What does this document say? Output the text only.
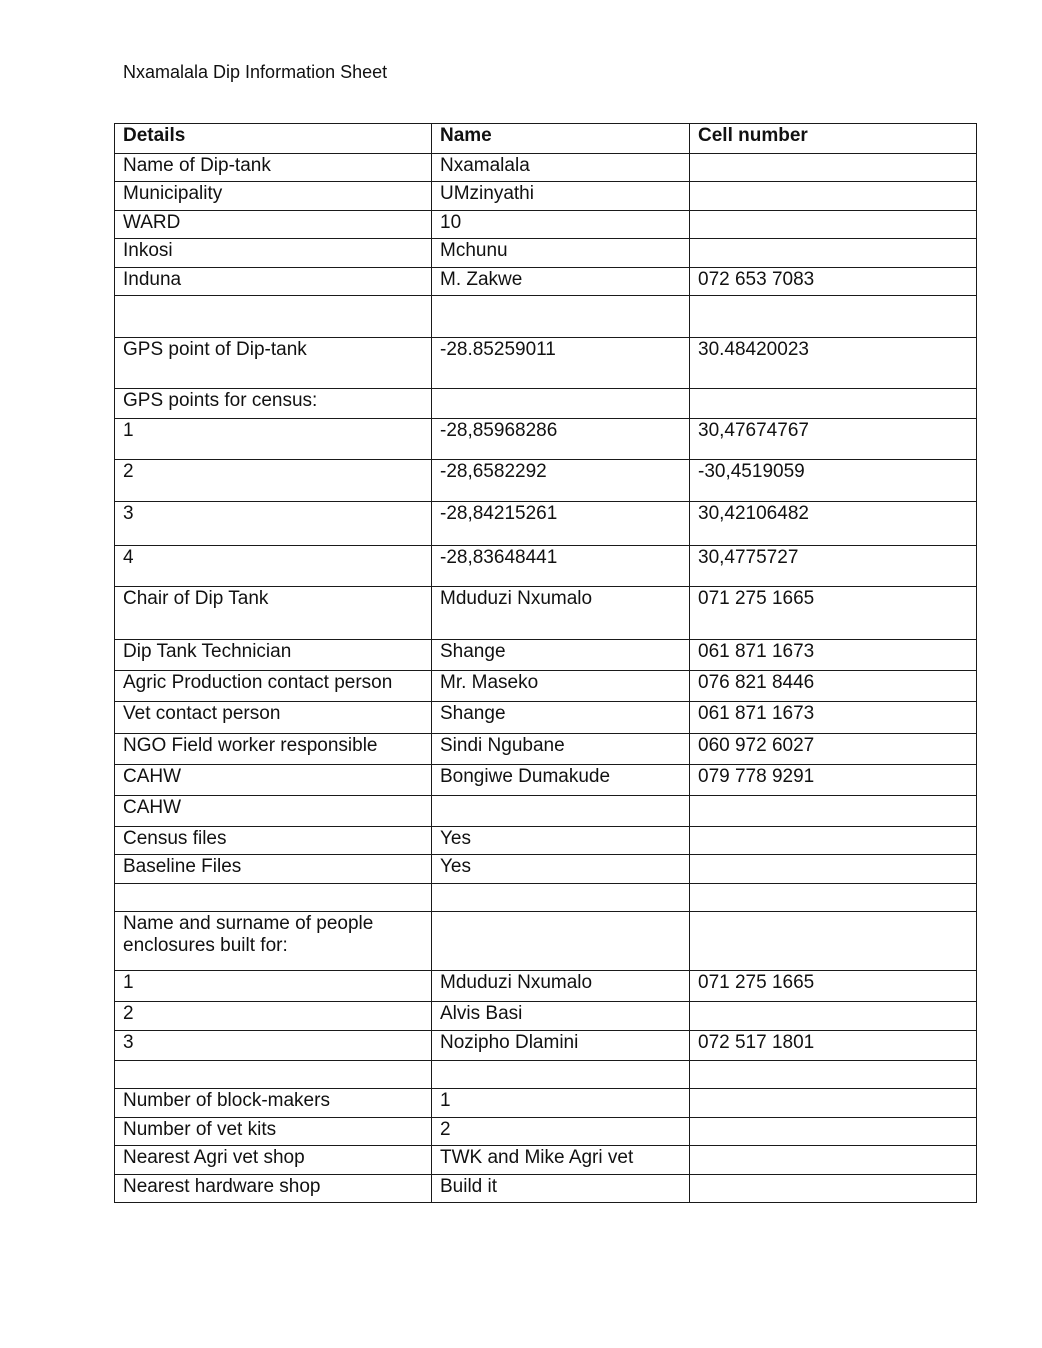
Nxamalala Dip Information Sheet
Details	Name	Cell number
Name of Dip-tank	Nxamalala	
Municipality	UMzinyathi	
WARD	10	
Inkosi	Mchunu	
Induna	M. Zakwe	072 653 7083

GPS point of Dip-tank	-28.85259011	30.48420023
GPS points for census:		
1	-28,85968286	30,47674767
2	-28,6582292	-30,4519059
3	-28,84215261	30,42106482
4	-28,83648441	30,4775727
Chair of Dip Tank	Mduduzi Nxumalo	071 275 1665
Dip Tank Technician	Shange	061 871 1673
Agric Production contact person	Mr. Maseko	076 821 8446
Vet contact person	Shange	061 871 1673
NGO Field worker responsible	Sindi Ngubane	060 972 6027
CAHW	Bongiwe Dumakude	079 778 9291
CAHW		
Census files	Yes	
Baseline Files	Yes	

Name and surname of people enclosures built for:		
1	Mduduzi Nxumalo	071 275 1665
2	Alvis Basi	
3	Nozipho Dlamini	072 517 1801

Number of block-makers	1	
Number of vet kits	2	
Nearest Agri vet shop	TWK and Mike Agri vet	
Nearest hardware shop	Build it	
